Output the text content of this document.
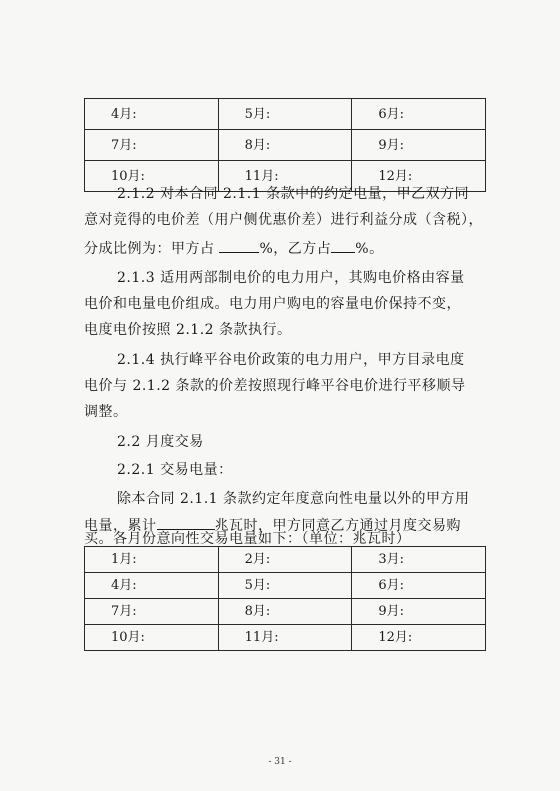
4月:	5月:	6月:
7月:	8月:	9月:
10月:	11月:	12月:
2.1.2 对本合同 2.1.1 条款中的约定电量，甲乙双方同
意对竞得的电价差（用户侧优惠价差）进行利益分成（含税），
分成比例为：甲方占	%，乙方占 %。
2.1.3 适用两部制电价的电力用户，其购电价格由容量
电价和电量电价组成。电力用户购电的容量电价保持不变，
电度电价按照 2.1.2 条款执行。
2.1.4 执行峰平谷电价政策的电力用户，甲方目录电度
电价与 2.1.2 条款的价差按照现行峰平谷电价进行平移顺导
调整。
2.2 月度交易
2.2.1 交易电量：
除本合同 2.1.1 条款约定年度意向性电量以外的甲方用
电量，累计	兆瓦时，甲方同意乙方通过月度交易购
买。各月份意向性交易电量如下：（单位：兆瓦时）
1月:	2月:	3月:
4月:	5月:	6月:
7月:	8月:	9月:
10月:	11月:	12月:
- 31 -
